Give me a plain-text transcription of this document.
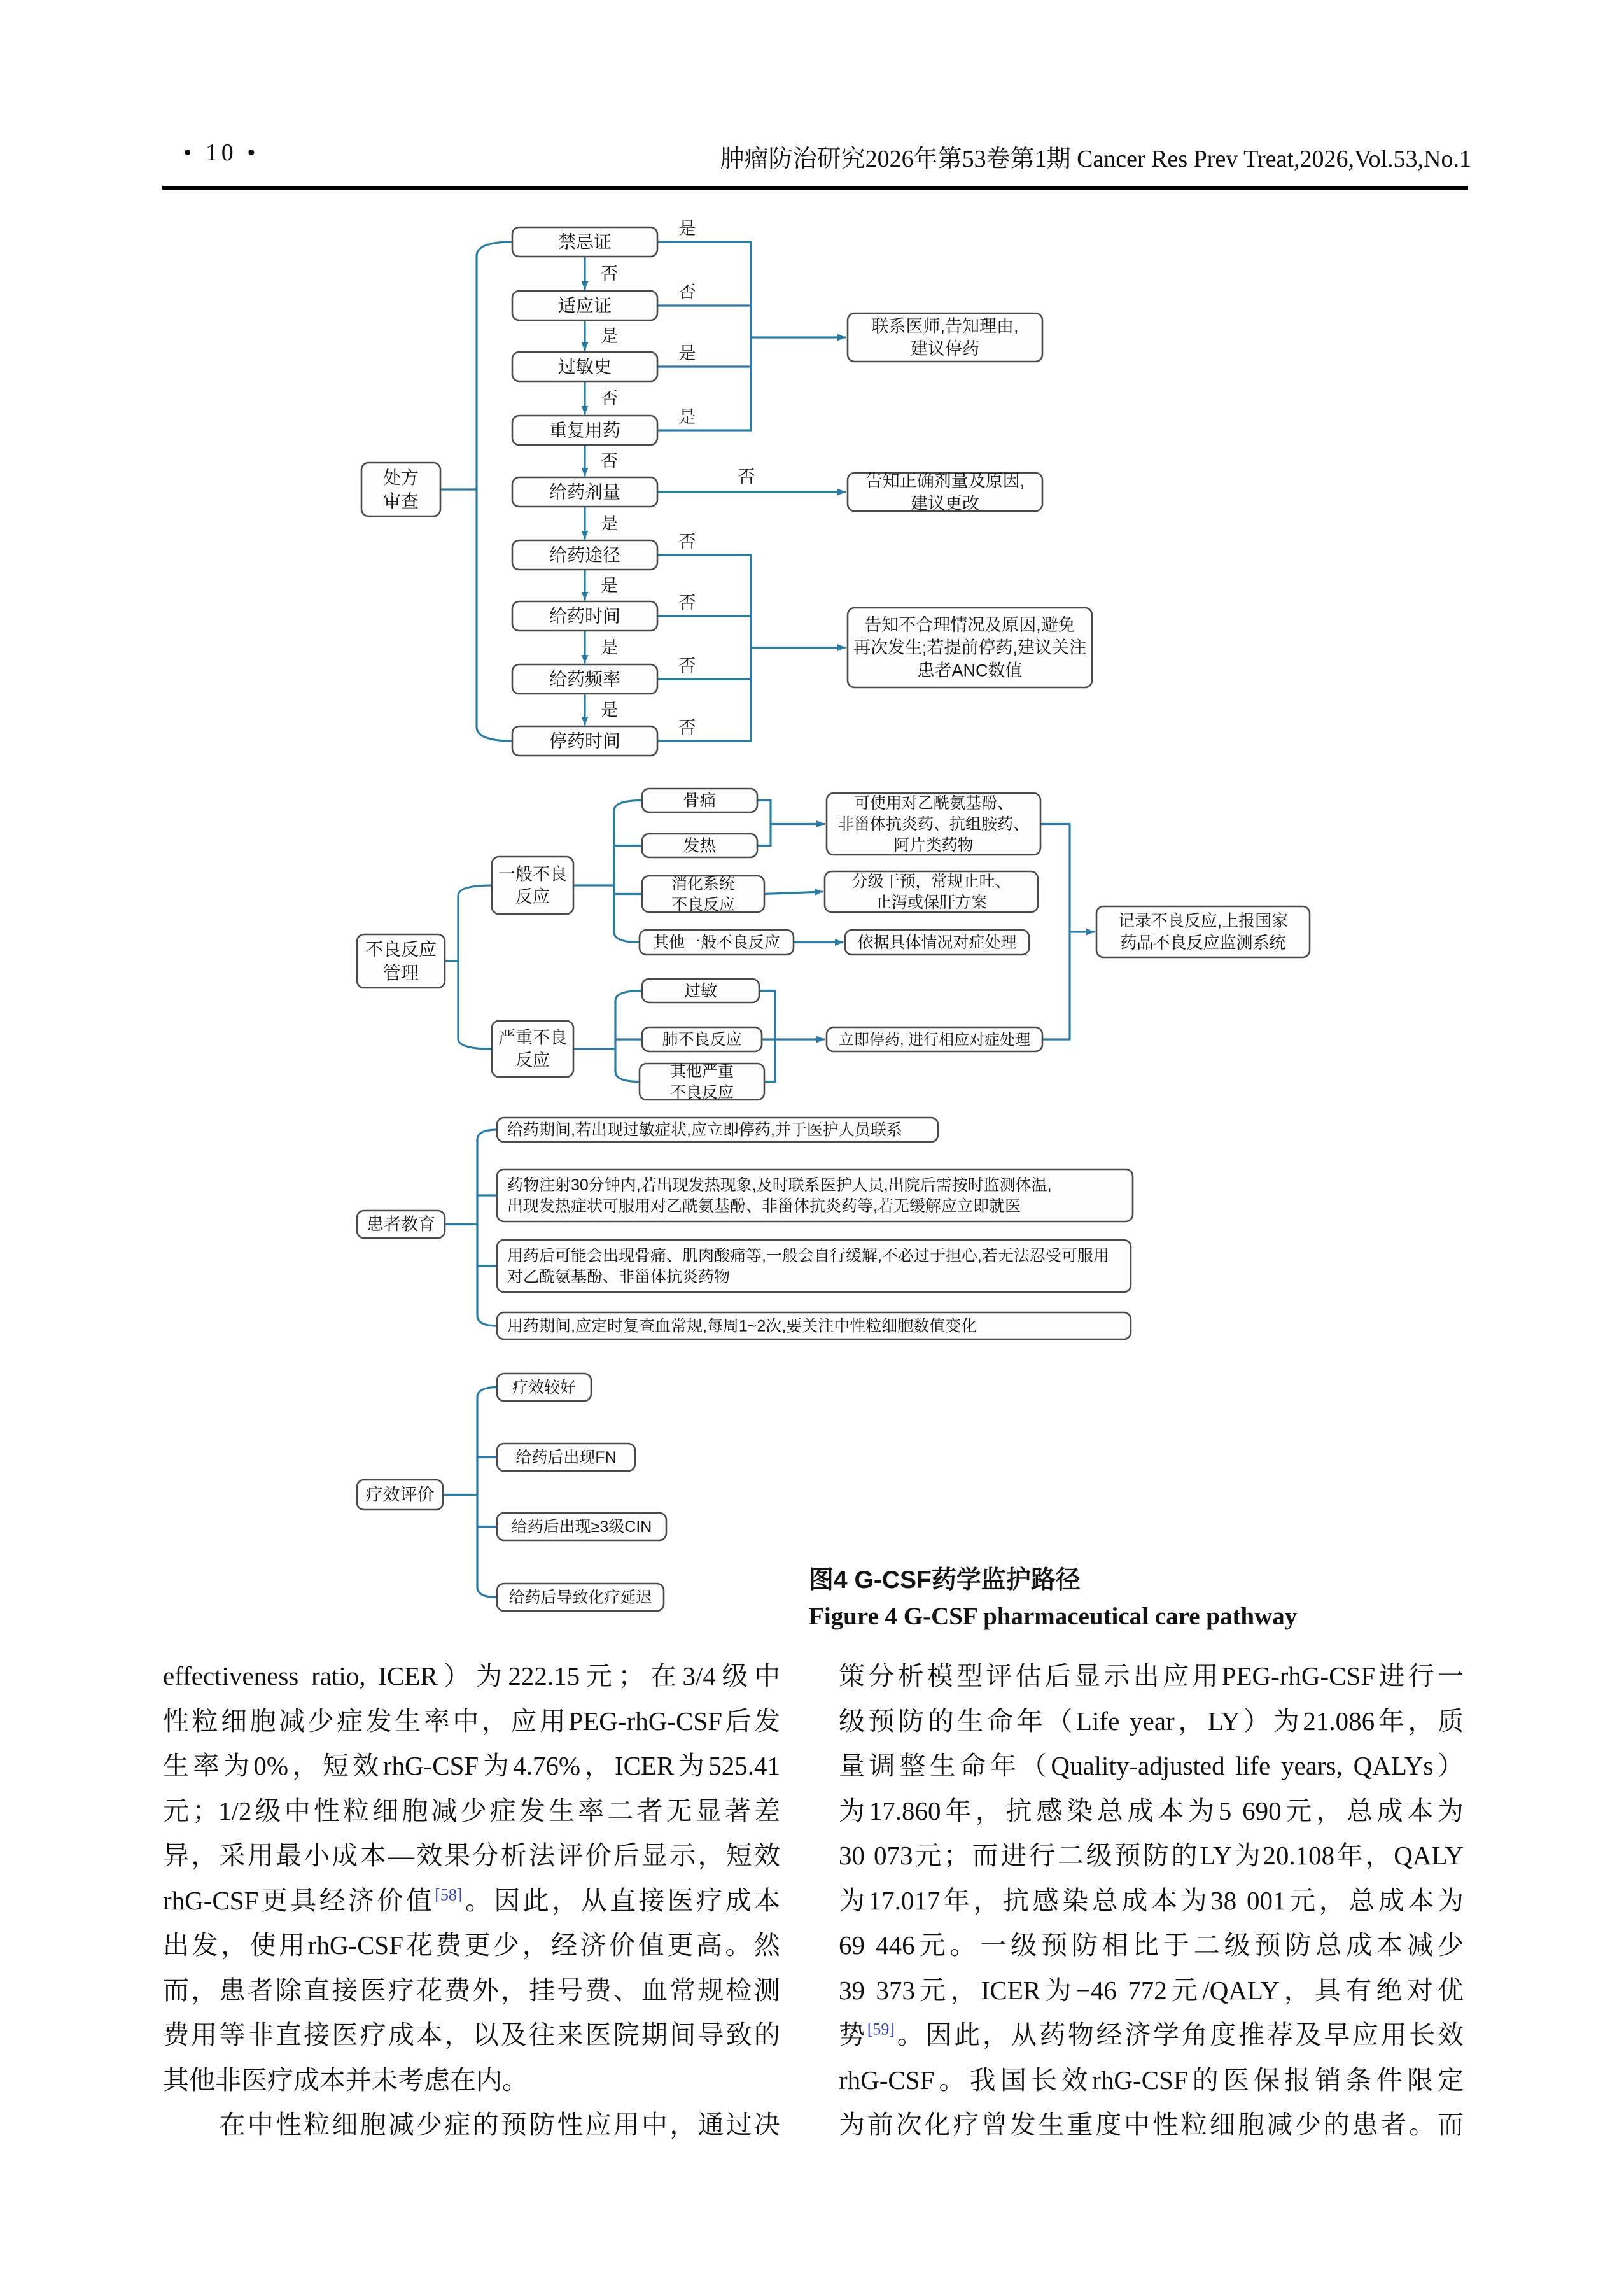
• 10 •	肿瘤防治研究2026年第53卷第1期 Cancer Res Prev Treat,2026,Vol.53,No.1
处方
审查
禁忌证
适应证
过敏史
重复用药
给药剂量
给药途径
给药时间
给药频率
停药时间
联系医师,告知理由,
建议停药
告知正确剂量及原因,
建议更改
告知不合理情况及原因,避免
再次发生;若提前停药,建议关注
患者ANC数值
不良反应
管理
一般不良
反应
严重不良
反应
骨痛
发热
消化系统
不良反应
其他一般不良反应
过敏
肺不良反应
其他严重
不良反应
可使用对乙酰氨基酚、
非甾体抗炎药、抗组胺药、
阿片类药物
分级干预，常规止吐、
止泻或保肝方案
依据具体情况对症处理
立即停药, 进行相应对症处理
记录不良反应,上报国家
药品不良反应监测系统
患者教育
给药期间,若出现过敏症状,应立即停药,并于医护人员联系
药物注射30分钟内,若出现发热现象,及时联系医护人员,出院后需按时监测体温,
出现发热症状可服用对乙酰氨基酚、非甾体抗炎药等,若无缓解应立即就医
用药后可能会出现骨痛、肌肉酸痛等,一般会自行缓解,不必过于担心,若无法忍受可服用
对乙酰氨基酚、非甾体抗炎药物
用药期间,应定时复查血常规,每周1~2次,要关注中性粒细胞数值变化
疗效评价
疗效较好
给药后出现FN
给药后出现≥3级CIN
给药后导致化疗延迟
否
是
否
否
是
是
是
是
是
否
是
是
否
否
否
否
否
图4 G-CSF药学监护路径
Figure 4 G-CSF pharmaceutical care pathway
effectiveness ratio, ICER）为222.15元；在3/4级中
性粒细胞减少症发生率中，应用PEG-rhG-CSF后发
生率为0%，短效rhG-CSF为4.76%，ICER为525.41
元；1/2级中性粒细胞减少症发生率二者无显著差
异，采用最小成本—效果分析法评价后显示，短效
rhG-CSF更具经济价值[58]。因此，从直接医疗成本
出发，使用rhG-CSF花费更少，经济价值更高。然
而，患者除直接医疗花费外，挂号费、血常规检测
费用等非直接医疗成本，以及往来医院期间导致的
其他非医疗成本并未考虑在内。
　　在中性粒细胞减少症的预防性应用中，通过决
策分析模型评估后显示出应用PEG-rhG-CSF进行一
级预防的生命年（Life year，LY）为21.086年，质
量调整生命年（Quality-adjusted life years, QALYs）
为17.860年，抗感染总成本为5 690元，总成本为
30 073元；而进行二级预防的LY为20.108年，QALY
为17.017年，抗感染总成本为38 001元，总成本为
69 446元。一级预防相比于二级预防总成本减少
39 373元，ICER为−46 772元/QALY，具有绝对优
势[59]。因此，从药物经济学角度推荐及早应用长效
rhG-CSF。我国长效rhG-CSF的医保报销条件限定
为前次化疗曾发生重度中性粒细胞减少的患者。而
